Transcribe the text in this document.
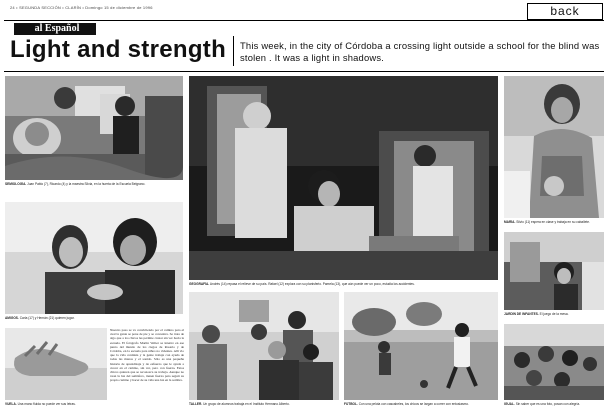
24 • SEGUNDA SECCIÓN • CLARÍN • Domingo 15 de diciembre de 1996	back
al Español
Light and strength This week, in the city of Córdoba a crossing light outside a school for the blind was stolen . It was a light in shadows.

SEMIOLOGÍA. Juan Pablo (7), Ricardo (4) y la maestra Silvia, en la huerta de la Escuela Belgrano.
AMIGOS. Carla (17) y Hernán (21) quieren jugar.
VUELA. Una mano fluida no puede ver sus letras.
Nuestro paso se va convirtiendo por el camino para el cual la gente se pone de pie y se concentra. Se trata de algo que a los chicos les permite cruzar sin ver hacia la escuela. El fotógrafo Martín Weber se internó en ese punto del mundo de los ciegos de Rosario y de Córdoba, en la escuela para niños no videntes. Allí vio que la vida continúa y la gente trabaja con ayuda de todas las manos y el sonido. Sólo es una pequeña historia de aprendizaje y de esfuerzo que le ayuda a crecer en el camino, sin ver, pero con fuerza. Estos chicos quieren que se reconozca su trabajo. Aunque no vean la luz del semáforo, tienen fuerza para seguir su propio camino y hacer de su vida una luz en la sombra.
GEOGRAFÍA. Andrés (14) repasa el relieve de su país. Rafael (12) explora con su planisferio. Pamela (13), que aún puede ver un poco, estudia los accidentes.
MARÍA. Silvio (11) espera en clase y trabaja en su caballete.
JARDÍN DE INFANTES. El juego de la mesa.
TALLER. Un grupo de alumnos trabaja en el Instituto Hermano Alberto.	FÚTBOL. Con una pelota con cascabeles, los chicos se largan a correr con entusiasmo.	IGUAL. Sin saber que es una foto, posan con alegría.
